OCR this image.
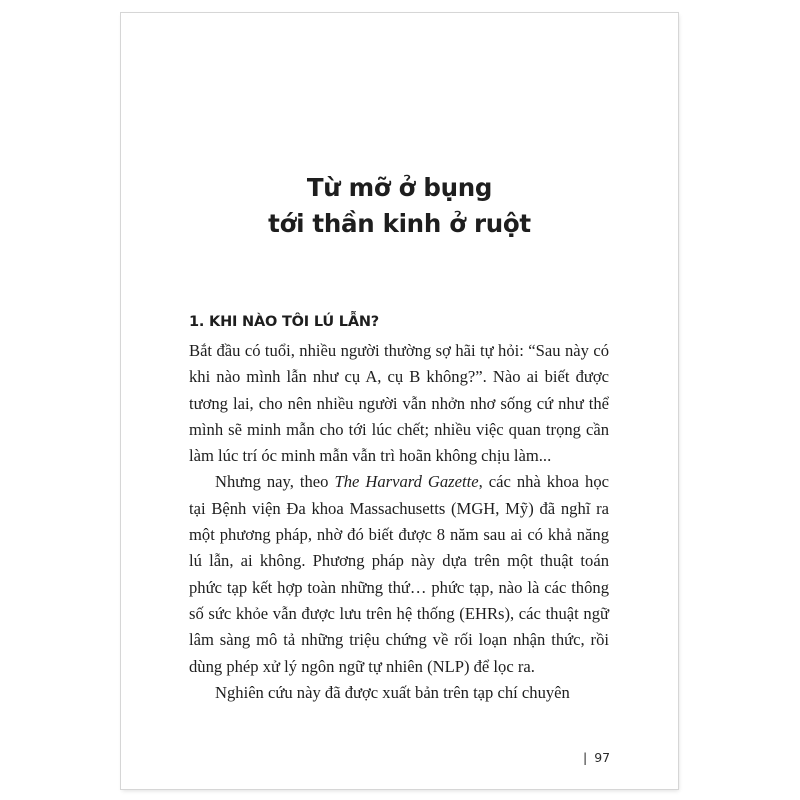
Từ mỡ ở bụng
tới thần kinh ở ruột
1. KHI NÀO TÔI LÚ LẪN?

Bắt đầu có tuổi, nhiều người thường sợ hãi tự hỏi: “Sau này có khi nào mình lẫn như cụ A, cụ B không?”. Nào ai biết được tương lai, cho nên nhiều người vẫn nhởn nhơ sống cứ như thể mình sẽ minh mẫn cho tới lúc chết; nhiều việc quan trọng cần làm lúc trí óc minh mẫn vẫn trì hoãn không chịu làm...

Nhưng nay, theo The Harvard Gazette, các nhà khoa học tại Bệnh viện Đa khoa Massachusetts (MGH, Mỹ) đã nghĩ ra một phương pháp, nhờ đó biết được 8 năm sau ai có khả năng lú lẫn, ai không. Phương pháp này dựa trên một thuật toán phức tạp kết hợp toàn những thứ… phức tạp, nào là các thông số sức khỏe vẫn được lưu trên hệ thống (EHRs), các thuật ngữ lâm sàng mô tả những triệu chứng về rối loạn nhận thức, rồi dùng phép xử lý ngôn ngữ tự nhiên (NLP) để lọc ra.

Nghiên cứu này đã được xuất bản trên tạp chí chuyên

| 97
